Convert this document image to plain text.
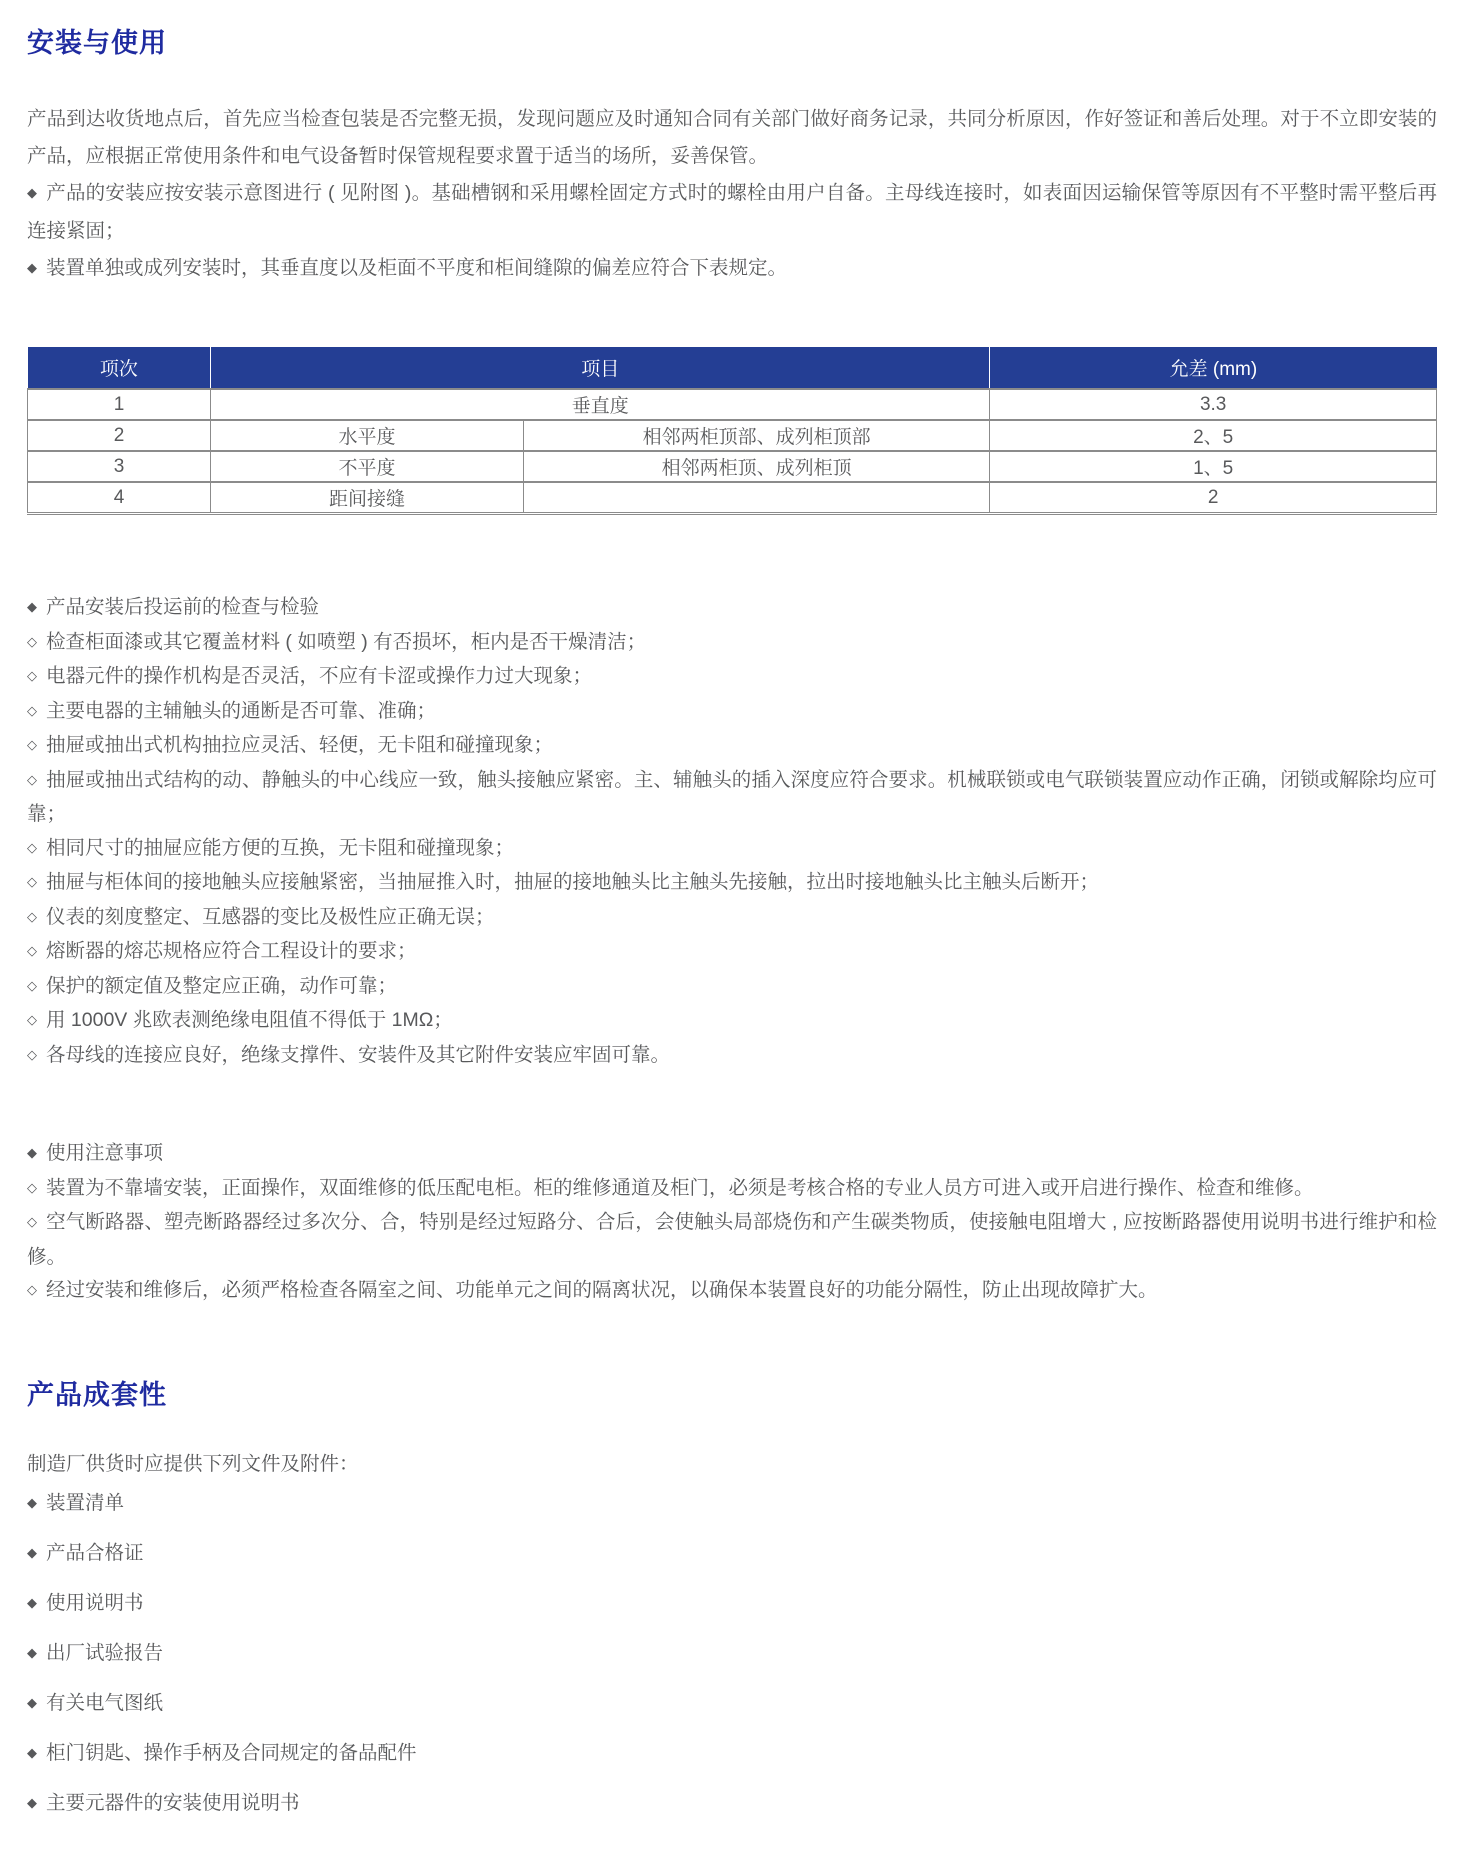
安装与使用

产品到达收货地点后，首先应当检查包装是否完整无损，发现问题应及时通知合同有关部门做好商务记录，共同分析原因，作好签证和善后处理。对于不立即安装的产品，应根据正常使用条件和电气设备暂时保管规程要求置于适当的场所，妥善保管。

◆ 产品的安装应按安装示意图进行 ( 见附图 )。基础槽钢和采用螺栓固定方式时的螺栓由用户自备。主母线连接时，如表面因运输保管等原因有不平整时需平整后再连接紧固；

◆ 装置单独或成列安装时，其垂直度以及柜面不平度和柜间缝隙的偏差应符合下表规定。

项次	项目		允差 (mm)
1	垂直度		3.3
2	水平度	相邻两柜顶部、成列柜顶部	2、5
3	不平度	相邻两柜顶、成列柜顶	1、5
4	距间接缝		2

◆ 产品安装后投运前的检查与检验

◇ 检查柜面漆或其它覆盖材料 ( 如喷塑 ) 有否损坏，柜内是否干燥清洁；

◇ 电器元件的操作机构是否灵活，不应有卡涩或操作力过大现象；

◇ 主要电器的主辅触头的通断是否可靠、准确；

◇ 抽屉或抽出式机构抽拉应灵活、轻便，无卡阻和碰撞现象；

◇ 抽屉或抽出式结构的动、静触头的中心线应一致，触头接触应紧密。主、辅触头的插入深度应符合要求。机械联锁或电气联锁装置应动作正确，闭锁或解除均应可靠；

◇ 相同尺寸的抽屉应能方便的互换，无卡阻和碰撞现象；

◇ 抽屉与柜体间的接地触头应接触紧密，当抽屉推入时，抽屉的接地触头比主触头先接触，拉出时接地触头比主触头后断开；

◇ 仪表的刻度整定、互感器的变比及极性应正确无误；

◇ 熔断器的熔芯规格应符合工程设计的要求；

◇ 保护的额定值及整定应正确，动作可靠；

◇ 用 1000V 兆欧表测绝缘电阻值不得低于 1MΩ；

◇ 各母线的连接应良好，绝缘支撑件、安装件及其它附件安装应牢固可靠。

◆ 使用注意事项

◇ 装置为不靠墙安装，正面操作，双面维修的低压配电柜。柜的维修通道及柜门，必须是考核合格的专业人员方可进入或开启进行操作、检查和维修。

◇ 空气断路器、塑壳断路器经过多次分、合，特别是经过短路分、合后，会使触头局部烧伤和产生碳类物质，使接触电阻增大 , 应按断路器使用说明书进行维护和检修。

◇ 经过安装和维修后，必须严格检查各隔室之间、功能单元之间的隔离状况，以确保本装置良好的功能分隔性，防止出现故障扩大。

产品成套性

制造厂供货时应提供下列文件及附件：

◆ 装置清单

◆ 产品合格证

◆ 使用说明书

◆ 出厂试验报告

◆ 有关电气图纸

◆ 柜门钥匙、操作手柄及合同规定的备品配件

◆ 主要元器件的安装使用说明书
